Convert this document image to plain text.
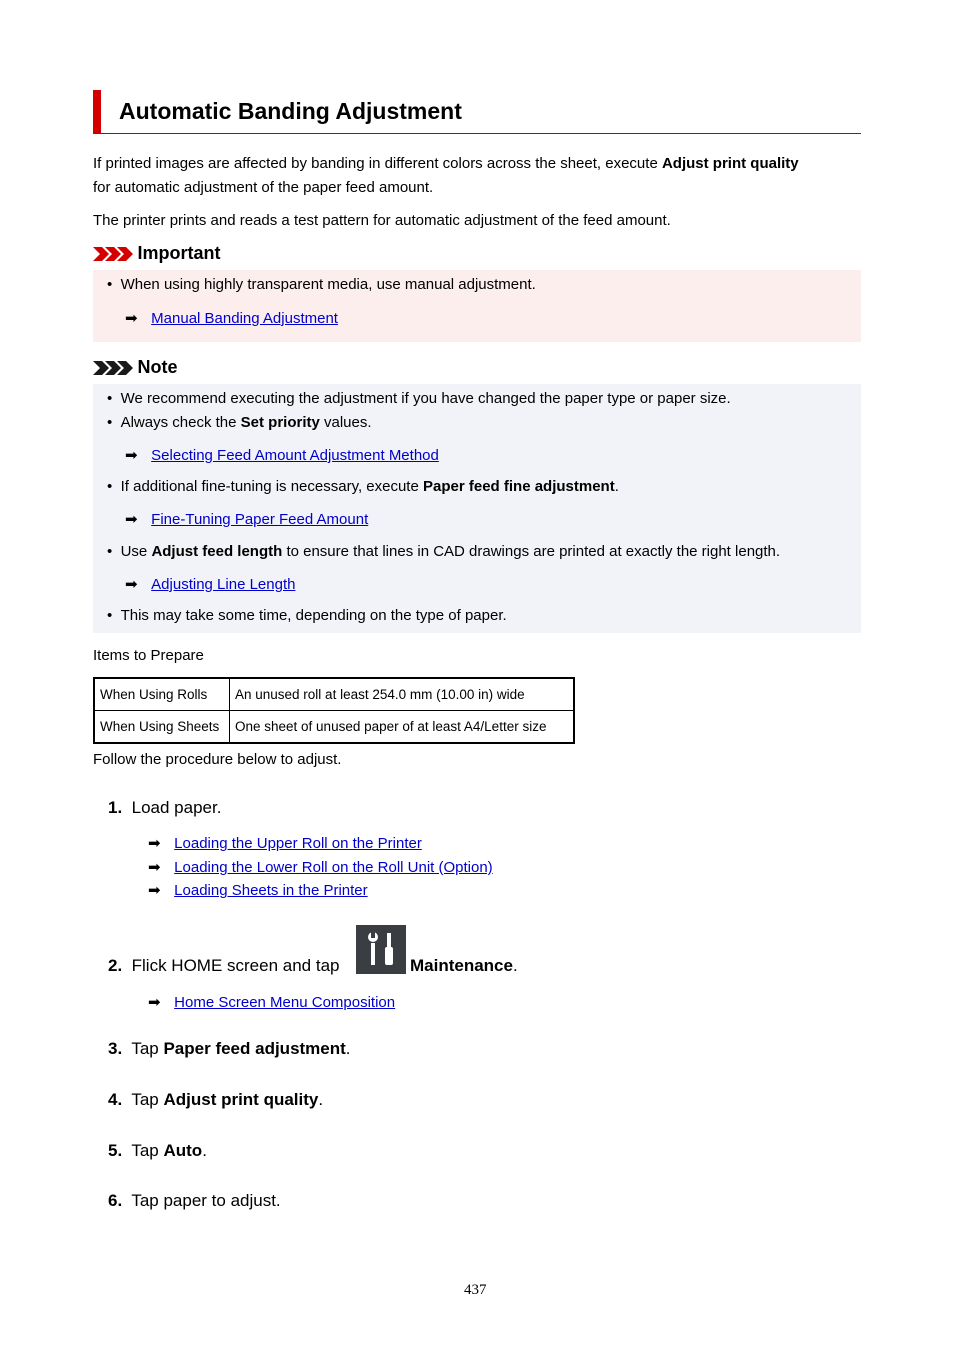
Automatic Banding Adjustment
If printed images are affected by banding in different colors across the sheet, execute Adjust print quality
for automatic adjustment of the paper feed amount.
The printer prints and reads a test pattern for automatic adjustment of the feed amount.
Important
•  When using highly transparent media, use manual adjustment.
➡ Manual Banding Adjustment
Note
•  We recommend executing the adjustment if you have changed the paper type or paper size.
•  Always check the Set priority values.
➡ Selecting Feed Amount Adjustment Method
•  If additional fine-tuning is necessary, execute Paper feed fine adjustment.
➡ Fine-Tuning Paper Feed Amount
•  Use Adjust feed length to ensure that lines in CAD drawings are printed at exactly the right length.
➡ Adjusting Line Length
•  This may take some time, depending on the type of paper.
Items to Prepare
When Using Rolls	An unused roll at least 254.0 mm (10.00 in) wide
When Using Sheets	One sheet of unused paper of at least A4/Letter size
Follow the procedure below to adjust.
1. Load paper.
➡ Loading the Upper Roll on the Printer
➡ Loading the Lower Roll on the Roll Unit (Option)
➡ Loading Sheets in the Printer
2. Flick HOME screen and tap	Maintenance.
➡ Home Screen Menu Composition
3. Tap Paper feed adjustment.
4. Tap Adjust print quality.
5. Tap Auto.
6. Tap paper to adjust.
437
